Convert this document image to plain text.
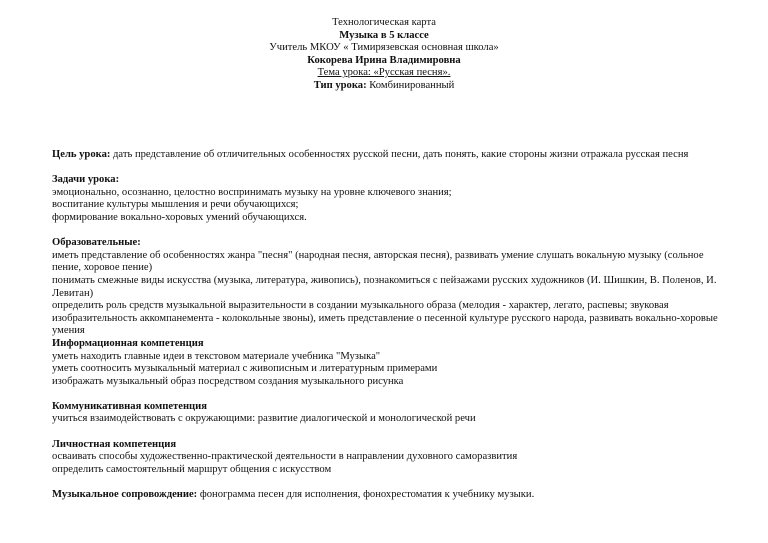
Технологическая карта
Музыка в 5 классе
Учитель МКОУ « Тимирязевская основная школа»
Кокорева Ирина Владимировна
Тема урока: «Русская песня».
Тип урока: Комбинированный

Цель урока: дать представление об отличительных особенностях русской песни, дать понять, какие стороны жизни отражала русская песня

Задачи урока:

эмоционально, осознанно, целостно воспринимать музыку на уровне ключевого знания;

воспитание культуры мышления и речи обучающихся;

формирование вокально-хоровых умений обучающихся.

Образовательные:

иметь представление об особенностях жанра "песня" (народная песня, авторская песня), развивать умение слушать вокальную музыку (сольное пение, хоровое пение)

понимать смежные виды искусства (музыка, литература, живопись), познакомиться с пейзажами русских художников (И. Шишкин, В. Поленов, И. Левитан)

определить роль средств музыкальной выразительности в создании музыкального образа (мелодия - характер, легато, распевы; звуковая изобразительность аккомпанемента - колокольные звоны), иметь представление о песенной культуре русского народа, развивать вокально-хоровые умения

Информационная компетенция

уметь находить главные идеи в текстовом материале учебника "Музыка"

уметь соотносить музыкальный материал с живописным и литературным примерами

изображать музыкальный образ посредством создания музыкального рисунка

Коммуникативная компетенция

учиться взаимодействовать с окружающими: развитие диалогической и монологической речи

Личностная компетенция

осваивать способы художественно-практической деятельности в направлении духовного саморазвития

определить самостоятельный маршрут общения с искусством

Музыкальное сопровождение: фонограмма песен для исполнения, фонохрестоматия к учебнику музыки.
